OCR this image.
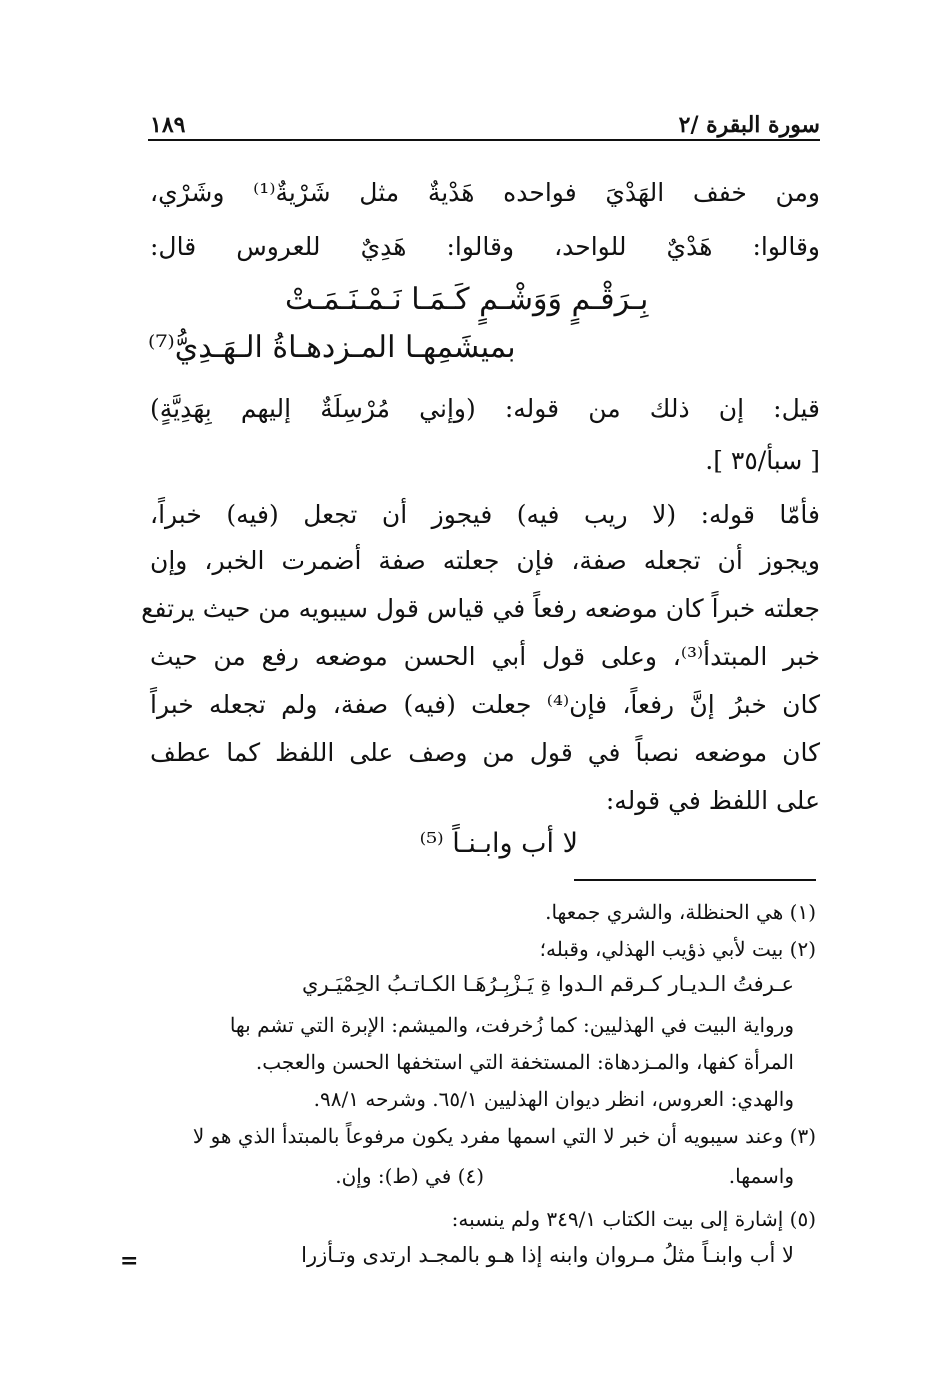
١٨٩	سورة البقرة /٢
ومن خفف الهَدْيَ فواحده هَدْيةٌ مثل شَرْيةٌ⁽¹⁾ وشَرْي،
وقالوا: هَدْيٌ للواحد، وقالوا: هَدِيٌ للعروس قال:
بِـرَقْـمٍ وَوَشْـمٍ كَـمَـا نَـمْـنَـمَـتْ
بميشَمِهـا المـزدهـاةُ الـهَـدِيُّ⁽⁷⁾
قيل: إن ذلك من قوله: (وإني مُرْسِلَةٌ إليهم بِهَدِيَّةٍ)
[ سبأ/٣٥ ].
فأمّا قوله: (لا ريب فيه) فيجوز أن تجعل (فيه) خبراً،
ويجوز أن تجعله صفة، فإن جعلته صفة أضمرت الخبر، وإن
جعلته خبراً كان موضعه رفعاً في قياس قول سيبويه من حيث يرتفع
خبر المبتدأ⁽³⁾، وعلى قول أبي الحسن موضعه رفع من حيث
كان خبرُ إنَّ رفعاً، فإن⁽⁴⁾ جعلت (فيه) صفة، ولم تجعله خبراً
كان موضعه نصباً في قول من وصف على اللفظ كما عطف
على اللفظ في قوله:
لا أب وابـنـاً ⁽⁵⁾
(١) هي الحنظلة، والشري جمعها.
(٢) بيت لأبي ذؤيب الهذلي، وقبله؛
عـرفتُ الـديـار كـرقم الـدوا ةِ يَـزْبِـرُهَـا الكـاتـبُ الحِمْيَـري
ورواية البيت في الهذليين: كما زُخرفت، والميشم: الإبرة التي تشم بها
المرأة كفها، والمـزدهاة: المستخفة التي استخفها الحسن والعجب.
والهدي: العروس، انظر ديوان الهذليين ٦٥/١. وشرحه ٩٨/١.
(٣) وعند سيبويه أن خبر لا التي اسمها مفرد يكون مرفوعاً بالمبتدأ الذي هو لا
واسمها.
(٤) في (ط): وإن.
(٥) إشارة إلى بيت الكتاب ٣٤٩/١ ولم ينسبه:
لا أب وابنـاً مثلُ مـروان وابنه إذا هـو بالمجـد ارتدى وتـأزرا
=
